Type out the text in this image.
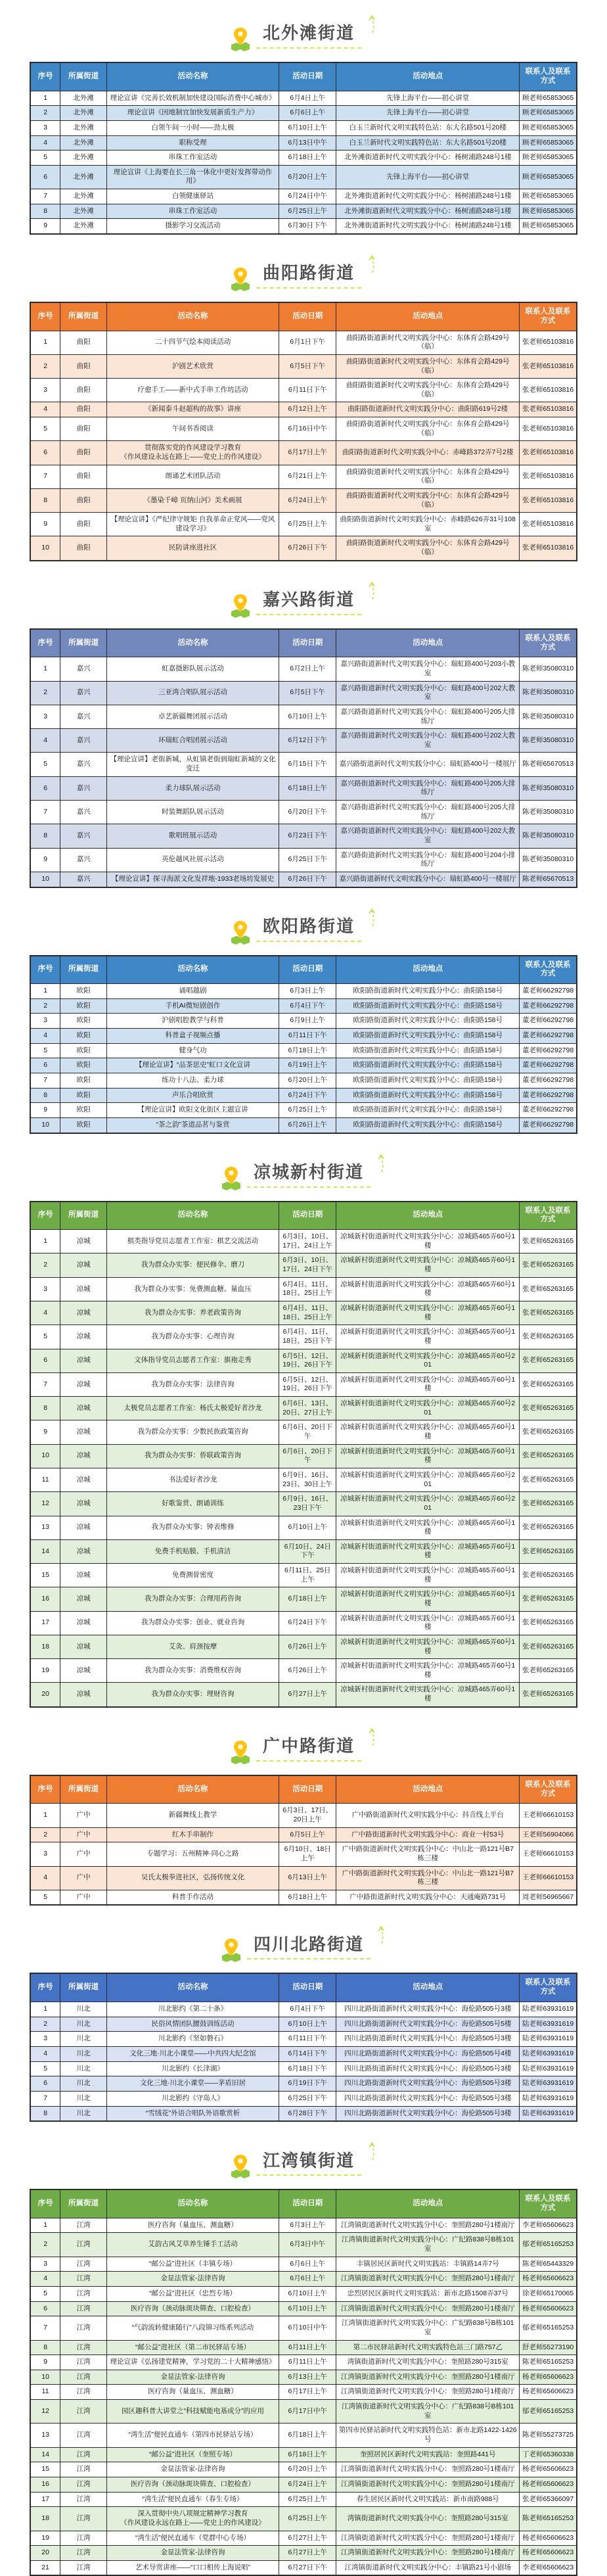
北外滩街道
序号	所属街道	活动名称	活动日期	活动地点	联系人及联系方式
1	北外滩	理论宣讲《完善长效机制加快建设国际消费中心城市》	6月4日上午	先锋上海平台——初心讲堂	顾老师65853065
2	北外滩	理论宣讲《因地制宜加快发展新质生产力》	6月6日上午	先锋上海平台——初心讲堂	顾老师65853065
3	北外滩	白领午间一小时——劲太极	6月10日上午	白玉兰新时代文明实践特色站：东大名路501号20楼	顾老师65853065
4	北外滩	职称受理	6月13日中午	白玉兰新时代文明实践特色站：东大名路501号20楼	顾老师65853065
5	北外滩	串珠工作室活动	6月18日上午	北外滩街道新时代文明实践分中心：杨树浦路248号1楼	顾老师65853065
6	北外滩	理论宣讲《上海要在长三角一体化中更好发挥带动作用》	6月20日上午	先锋上海平台——初心讲堂	顾老师65853065
7	北外滩	白领健康驿站	6月24日中午	北外滩街道新时代文明实践分中心：杨树浦路248号1楼	顾老师65853065
8	北外滩	串珠工作室活动	6月25日上午	北外滩街道新时代文明实践分中心：杨树浦路248号1楼	顾老师65853065
9	北外滩	摄影学习交流活动	6月30日下午	北外滩街道新时代文明实践分中心：杨树浦路248号1楼	顾老师65853065
曲阳路街道
序号	所属街道	活动名称	活动日期	活动地点	联系人及联系方式
1	曲阳	二十四节气绘本阅读活动	6月1日下午	曲阳路街道新时代文明实践分中心：东体育会路429号（临）	张老师65103816
2	曲阳	沪剧艺术欣赏	6月5日下午	曲阳路街道新时代文明实践分中心：东体育会路429号（临）	张老师65103816
3	曲阳	疗愈手工——新中式手串工作坊活动	6月11日下午	曲阳路街道新时代文明实践分中心：东体育会路429号（临）	张老师65103816
4	曲阳	《新闻泰斗赵超构的故事》讲座	6月12日上午	曲阳路街道新时代文明实践分中心：曲阳路619号2楼	张老师65103816
5	曲阳	午间书香阅读	6月16日中午	曲阳路街道新时代文明实践分中心：东体育会路429号（临）	张老师65103816
6	曲阳	贯彻落实党的作风建设学习教育
《作风建设永远在路上——党史上的作风建设》	6月17日上午	曲阳路街道新时代文明实践分中心：赤峰路372弄7号2楼	张老师65103816
7	曲阳	朗诵艺术团队活动	6月21日上午	曲阳路街道新时代文明实践分中心：东体育会路429号（临）	张老师65103816
8	曲阳	《墨染千嶂 页纳山河》美术画展	6月24日上午	曲阳路街道新时代文明实践分中心：东体育会路429号（临）	张老师65103816
9	曲阳	【理论宣讲】《严纪律守规矩 自我革命正党风——党风建设学习》	6月25日上午	曲阳路街道新时代文明实践分中心：赤峰路626弄31号108室	张老师65103816
10	曲阳	民防讲座进社区	6月26日下午	曲阳路街道新时代文明实践分中心：东体育会路429号（临）	张老师65103816
嘉兴路街道
序号	所属街道	活动名称	活动日期	活动地点	联系人及联系方式
1	嘉兴	虹嘉摄影队展示活动	6月2日上午	嘉兴路街道新时代文明实践分中心：瑞虹路400号203小教室	陈老师35080310
2	嘉兴	三亚湾合唱队展示活动	6月5日下午	嘉兴路街道新时代文明实践分中心：瑞虹路400号202大教室	陈老师35080310
3	嘉兴	卓艺新疆舞团展示活动	6月10日上午	嘉兴路街道新时代文明实践分中心：瑞虹路400号205大排练厅	陈老师35080310
4	嘉兴	环瑞虹合唱团展示活动	6月12日下午	嘉兴路街道新时代文明实践分中心：瑞虹路400号202大教室	陈老师35080310
5	嘉兴	【理论宣讲】老街新城，从虹镇老街到瑞虹新城的文化变迁	6月15日下午	嘉兴路街道新时代文明实践分中心：瑞虹路400号一楼展厅	陈老师65670513
6	嘉兴	柔力球队展示活动	6月18日上午	嘉兴路街道新时代文明实践分中心：瑞虹路400号205大排练厅	陈老师35080310
7	嘉兴	时装舞蹈队展示活动	6月20日下午	嘉兴路街道新时代文明实践分中心：瑞虹路400号205大排练厅	陈老师35080310
8	嘉兴	歌唱班展示活动	6月23日下午	嘉兴路街道新时代文明实践分中心：瑞虹路400号202大教室	陈老师35080310
9	嘉兴	英伦越风社展示活动	6月25日下午	嘉兴路街道新时代文明实践分中心：瑞虹路400号204小排练厅	陈老师35080310
10	嘉兴	【理论宣讲】探寻海派文化发祥地-1933老场坊发展史	6月26日下午	嘉兴路街道新时代文明实践分中心：瑞虹路400号一楼展厅	陈老师65670513
欧阳路街道
序号	所属街道	活动名称	活动日期	活动地点	联系人及联系方式
1	欧阳	诵唱越剧	6月3日上午	欧阳路街道新时代文明实践分中心：曲阳路158号	董老师66292798
2	欧阳	手机AI微短剧创作	6月4日下午	欧阳路街道新时代文明实践分中心：曲阳路158号	董老师66292798
3	欧阳	沪剧唱腔教学与科普	6月9日上午	欧阳路街道新时代文明实践分中心：曲阳路158号	董老师66292798
4	欧阳	科普盒子视频点播	6月11日下午	欧阳路街道新时代文明实践分中心：曲阳路158号	董老师66292798
5	欧阳	健身气功	6月18日上午	欧阳路街道新时代文明实践分中心：曲阳路158号	董老师66292798
6	欧阳	【理论宣讲】“品茶思史”虹口文化宣讲	6月19日上午	欧阳路街道新时代文明实践分中心：曲阳路158号	董老师66292798
7	欧阳	练功十八法、柔力球	6月20日上午	欧阳路街道新时代文明实践分中心：曲阳路158号	董老师66292798
8	欧阳	声乐合唱欣赏	6月24日下午	欧阳路街道新时代文明实践分中心：曲阳路158号	董老师66292798
9	欧阳	【理论宣讲】欧阳文化街区主题宣讲	6月25日上午	欧阳路街道新时代文明实践分中心：曲阳路158号	董老师66292798
10	欧阳	“茶之韵”茶道品茗与鉴赏	6月26日上午	欧阳路街道新时代文明实践分中心：曲阳路158号	董老师66292798
凉城新村街道
序号	所属街道	活动名称	活动日期	活动地点	联系人及联系方式
1	凉城	棋类指导党员志愿者工作室：棋艺交流活动	6月3日、10日、17日、24日上午	凉城新村街道新时代文明实践分中心：凉城路465弄60号1楼	张老师65263165
2	凉城	我为群众办实事：便民修伞、磨刀	6月3日、10日、17日、24日下午	凉城新村街道新时代文明实践分中心：凉城路465弄60号1楼	张老师65263165
3	凉城	我为群众办实事：免费测血糖、量血压	6月4日、11日、18日、25日上午	凉城新村街道新时代文明实践分中心：凉城路465弄60号1楼	张老师65263165
4	凉城	我为群众办实事：养老政策咨询	6月4日、11日、18日、25日上午	凉城新村街道新时代文明实践分中心：凉城路465弄60号1楼	张老师65263165
5	凉城	我为群众办实事：心理咨询	6月4日、11日、18日、25日下午	凉城新村街道新时代文明实践分中心：凉城路465弄60号1楼	张老师65263165
6	凉城	文体指导党员志愿者工作室：旗袍走秀	6月5日、12日、19日、26日下午	凉城新村街道新时代文明实践分中心：凉城路465弄60号201	张老师65263165
7	凉城	我为群众办实事：法律咨询	6月5日、12日、19日、26日下午	凉城新村街道新时代文明实践分中心：凉城路465弄60号1楼	张老师65263165
8	凉城	太极党员志愿者工作室：杨氏太极爱好者沙龙	6月6日、13日、20日、27日上午	凉城新村街道新时代文明实践分中心：凉城路465弄60号201	张老师65263165
9	凉城	我为群众办实事：少数民族政策咨询	6月6日、20日下午	凉城新村街道新时代文明实践分中心：凉城路465弄60号1楼	张老师65263165
10	凉城	我为群众办实事：侨联政策咨询	6月6日、20日下午	凉城新村街道新时代文明实践分中心：凉城路465弄60号1楼	张老师65263165
11	凉城	书法爱好者沙龙	6月9日、16日、23日、30日上午	凉城新村街道新时代文明实践分中心：凉城路465弄60号201	张老师65263165
12	凉城	好歌鉴赏、朗诵训练	6月9日、16日、23日下午	凉城新村街道新时代文明实践分中心：凉城路465弄60号201	张老师65263165
13	凉城	我为群众办实事：钟表维修	6月10日上午	凉城新村街道新时代文明实践分中心：凉城路465弄60号1楼	张老师65263165
14	凉城	免费手机贴膜、手机清洁	6月10日、24日下午	凉城新村街道新时代文明实践分中心：凉城路465弄60号1楼	张老师65263165
15	凉城	免费测骨密度	6月11日、25日上午	凉城新村街道新时代文明实践分中心：凉城路465弄60号1楼	张老师65263165
16	凉城	我为群众办实事：合理用药咨询	6月18日上午	凉城新村街道新时代文明实践分中心：凉城路465弄60号1楼	张老师65263165
17	凉城	我为群众办实事：创业、就业咨询	6月24日下午	凉城新村街道新时代文明实践分中心：凉城路465弄60号1楼	张老师65263165
18	凉城	艾灸、肩颈按摩	6月26日上午	凉城新村街道新时代文明实践分中心：凉城路465弄60号1楼	张老师65263165
19	凉城	我为群众办实事：消费维权咨询	6月26日上午	凉城新村街道新时代文明实践分中心：凉城路465弄60号1楼	张老师65263165
20	凉城	我为群众办实事：理财咨询	6月27日上午	凉城新村街道新时代文明实践分中心：凉城路465弄60号1楼	张老师65263165
广中路街道
序号	所属街道	活动名称	活动日期	活动地点	联系人及联系方式
1	广中	新疆舞线上教学	6月3日、17日、20日上午	广中路街道新时代文明实践分中心：抖音线上平台	王老师66610153
2	广中	红木手串制作	6月5日上午	广中路街道新时代文明实践分中心：商业一村53号	王老师56904066
3	广中	专题学习：五州精神·同心之路	6月10日、18日上午	广中路街道新时代文明实践分中心：中山北一路121号B7栋三楼	王老师66610153
4	广中	吴氏太极拳进社区，弘扬传统文化	6月13日上午	广中路街道新时代文明实践分中心：中山北一路121号B7栋三楼	王老师66610153
5	广中	科普手作活动	6月18日上午	广中路街道新时代文明实践分中心：天通庵路731号	周老师56965667
四川北路街道
序号	所属街道	活动名称	活动日期	活动地点	联系人及联系方式
1	川北	川北影约《第二十条》	6月4日下午	四川北路街道新时代文明实践分中心：海伦路505号3楼	陆老师63931619
2	川北	民俗风情团队腰鼓训练活动	6月10日上午	四川北路街道新时代文明实践分中心：海伦路505号5楼	陆老师63931619
3	川北	川北影约《坚如磐石》	6月11日下午	四川北路街道新时代文明实践分中心：海伦路505号3楼	陆老师63931619
4	川北	文化三地·川北小课堂——中共四大纪念馆	6月14日下午	四川北路街道新时代文明实践分中心：海伦路505号4楼	陆老师63931619
5	川北	川北影约《长津湖》	6月18日下午	四川北路街道新时代文明实践分中心：海伦路505号3楼	陆老师63931619
6	川北	文化三地·川北小课堂——茅盾旧居	6月19日下午	四川北路街道新时代文明实践分中心：海伦路505号3楼	陆老师63931619
7	川北	川北影约《守岛人》	6月25日下午	四川北路街道新时代文明实践分中心：海伦路505号3楼	陆老师63931619
8	川北	“雪绒花”外语合唱队外语歌赏析	6月28日下午	四川北路街道新时代文明实践分中心：海伦路505号3楼	陆老师63931619
江湾镇街道
序号	所属街道	活动名称	活动日期	活动地点	联系人及联系方式
1	江湾	医疗咨询（量血压、测血糖）	6月3日上午	江湾镇街道新时代文明实践分中心：奎照路280号1楼南厅	李老师65606623
2	江湾	艾韵古风艾草养生锤手工活动	6月3日中午	江湾镇街道新时代文明实践分中心：广纪路838号B栋101室	郁老师65165253
3	江湾	“邮公益”进社区（丰镇专场）	6月6日上午	丰镇居民区新时代文明实践站：丰镇路14弄7号	陈老师65443329
4	江湾	金显法管家-法律咨询	6月6日上午	江湾镇街道新时代文明实践分中心：奎照路280号1楼南厅	杨老师65606623
5	江湾	“邮公益”进社区（忠烈专场）	6月10日上午	忠烈居民区新时代文明实践站：新市北路1508弄37号	徐老师65170065
6	江湾	医疗咨询（颈动脉斑块筛查、口腔检查）	6月10日上午	江湾镇街道新时代文明实践分中心：奎照路280号1楼南厅	杨老师65606623
7	江湾	“气韵流转健康随行”八段锦习练系列活动	6月10日中午	江湾镇街道新时代文明实践分中心：广纪路838号B栋101室	郁老师65165253
8	江湾	“邮公益”进社区（第二市民驿站专场）	6月11日上午	第二市民驿站新时代文明实践特色站三门路757乙	舒老师55273190
9	江湾	理论宣讲《弘扬建党精神，学习党的二十大精神感悟》	6月11日上午	湾镇街道新时代文明实践分中心：奎照路280号315室	陈老师65165253
10	江湾	金显法管家-法律咨询	6月13日上午	江湾镇街道新时代文明实践分中心：奎照路280号1楼南厅	杨老师65606623
11	江湾	医疗咨询（量血压、测血糖）	6月17日上午	江湾镇街道新时代文明实践分中心：奎照路280号1楼南厅	杨老师65606623
12	江湾	园区趣科普大讲堂之“科技赋能电基成分”的应用	6月17日中午	江湾镇街道新时代文明实践分中心：广纪路838号B栋101室	郁老师65165253
13	江湾	“湾生活”便民直通车（第四市民驿站专场）	6月18日上午	第四市民驿站新时代文明实践特色站：新市北路1422-1426号	陈老师55273725
14	江湾	“邮公益”进社区（奎照专场）	6月18日上午	奎照居民区新时代文明实践站：奎照路441号	丁老师65360338
15	江湾	金显法管家-法律咨询	6月20日上午	江湾镇街道新时代文明实践分中心：奎照路280号1楼南厅	杨老师65606623
16	江湾	医疗咨询（颈动脉斑块筛查、口腔检查）	6月24日上午	江湾镇街道新时代文明实践分中心：奎照路280号1楼南厅	杨老师65606623
17	江湾	“湾生活”便民直通车（春生专场）	6月25日上午	春生居民区新时代文明实践站：新市南路988号	张老师65366097
18	江湾	深入贯彻中央八项规定精神学习教育
《作风建设永远在路上——党史上的作风建设》	6月25日上午	湾镇街道新时代文明实践分中心：奎照路280号315室	陈老师65165253
19	江湾	“湾生活”便民直通车（党群中心专场）	6月27日上午	江湾镇街道新时代文明实践分中心：奎照路280号1楼南厅	杨老师65606623
20	江湾	金显法管家-法律咨询	6月27日上午	江湾镇街道新时代文明实践分中心：奎照路280号1楼南厅	杨老师65606623
21	江湾	艺术导赏讲座——“口口相传上海说唱”	6月27日下午	江湾镇街道新时代文明实践分中心：丰镇路21号小剧场	李老师65606623
